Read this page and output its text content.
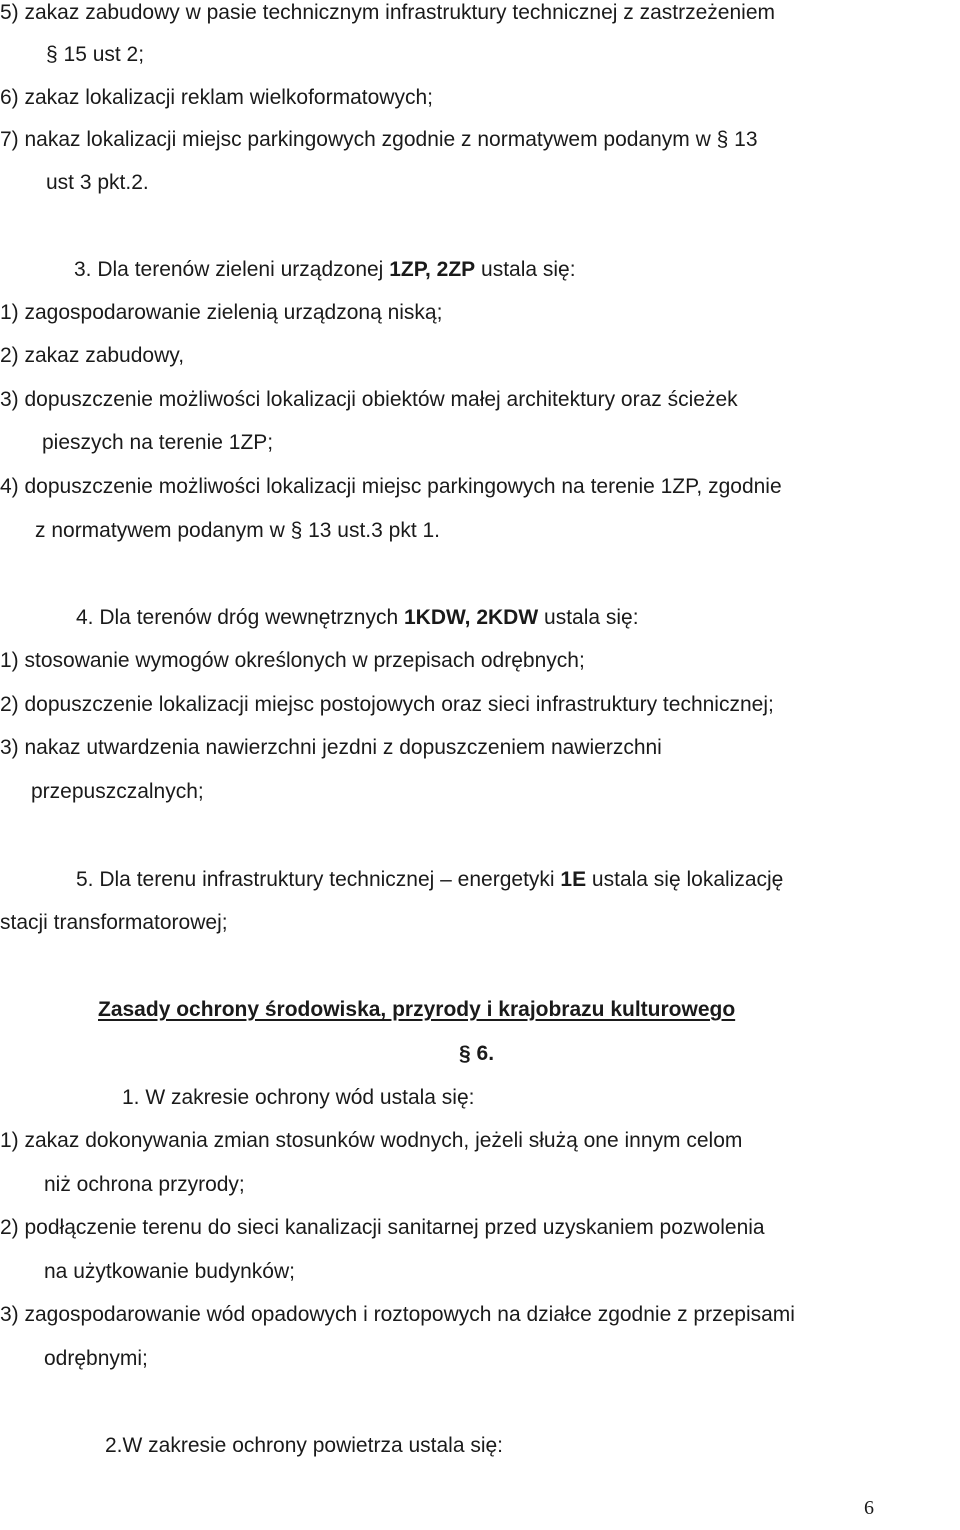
5) zakaz zabudowy w pasie technicznym infrastruktury technicznej z zastrzeżeniem
§ 15 ust 2;
6) zakaz lokalizacji reklam wielkoformatowych;
7) nakaz lokalizacji miejsc parkingowych zgodnie z normatywem podanym w § 13
ust 3 pkt.2.
3. Dla terenów zieleni urządzonej 1ZP, 2ZP ustala się:
1) zagospodarowanie zielenią urządzoną niską;
2) zakaz zabudowy,
3) dopuszczenie możliwości lokalizacji obiektów małej architektury oraz ścieżek
pieszych na terenie 1ZP;
4) dopuszczenie możliwości lokalizacji miejsc parkingowych na terenie 1ZP, zgodnie
z normatywem podanym w § 13 ust.3 pkt 1.
4. Dla terenów dróg wewnętrznych 1KDW, 2KDW ustala się:
1) stosowanie wymogów określonych w przepisach odrębnych;
2) dopuszczenie lokalizacji miejsc postojowych oraz sieci infrastruktury technicznej;
3) nakaz utwardzenia nawierzchni jezdni z dopuszczeniem nawierzchni
przepuszczalnych;
5. Dla terenu infrastruktury technicznej – energetyki 1E ustala się lokalizację
stacji transformatorowej;
Zasady ochrony środowiska, przyrody i krajobrazu kulturowego
§ 6.
1. W zakresie ochrony wód ustala się:
1) zakaz dokonywania zmian stosunków wodnych, jeżeli służą one innym celom
niż ochrona przyrody;
2) podłączenie terenu do sieci kanalizacji sanitarnej przed uzyskaniem pozwolenia
na użytkowanie budynków;
3) zagospodarowanie wód opadowych i roztopowych na działce zgodnie z przepisami
odrębnymi;
2.W zakresie ochrony powietrza ustala się:
6
